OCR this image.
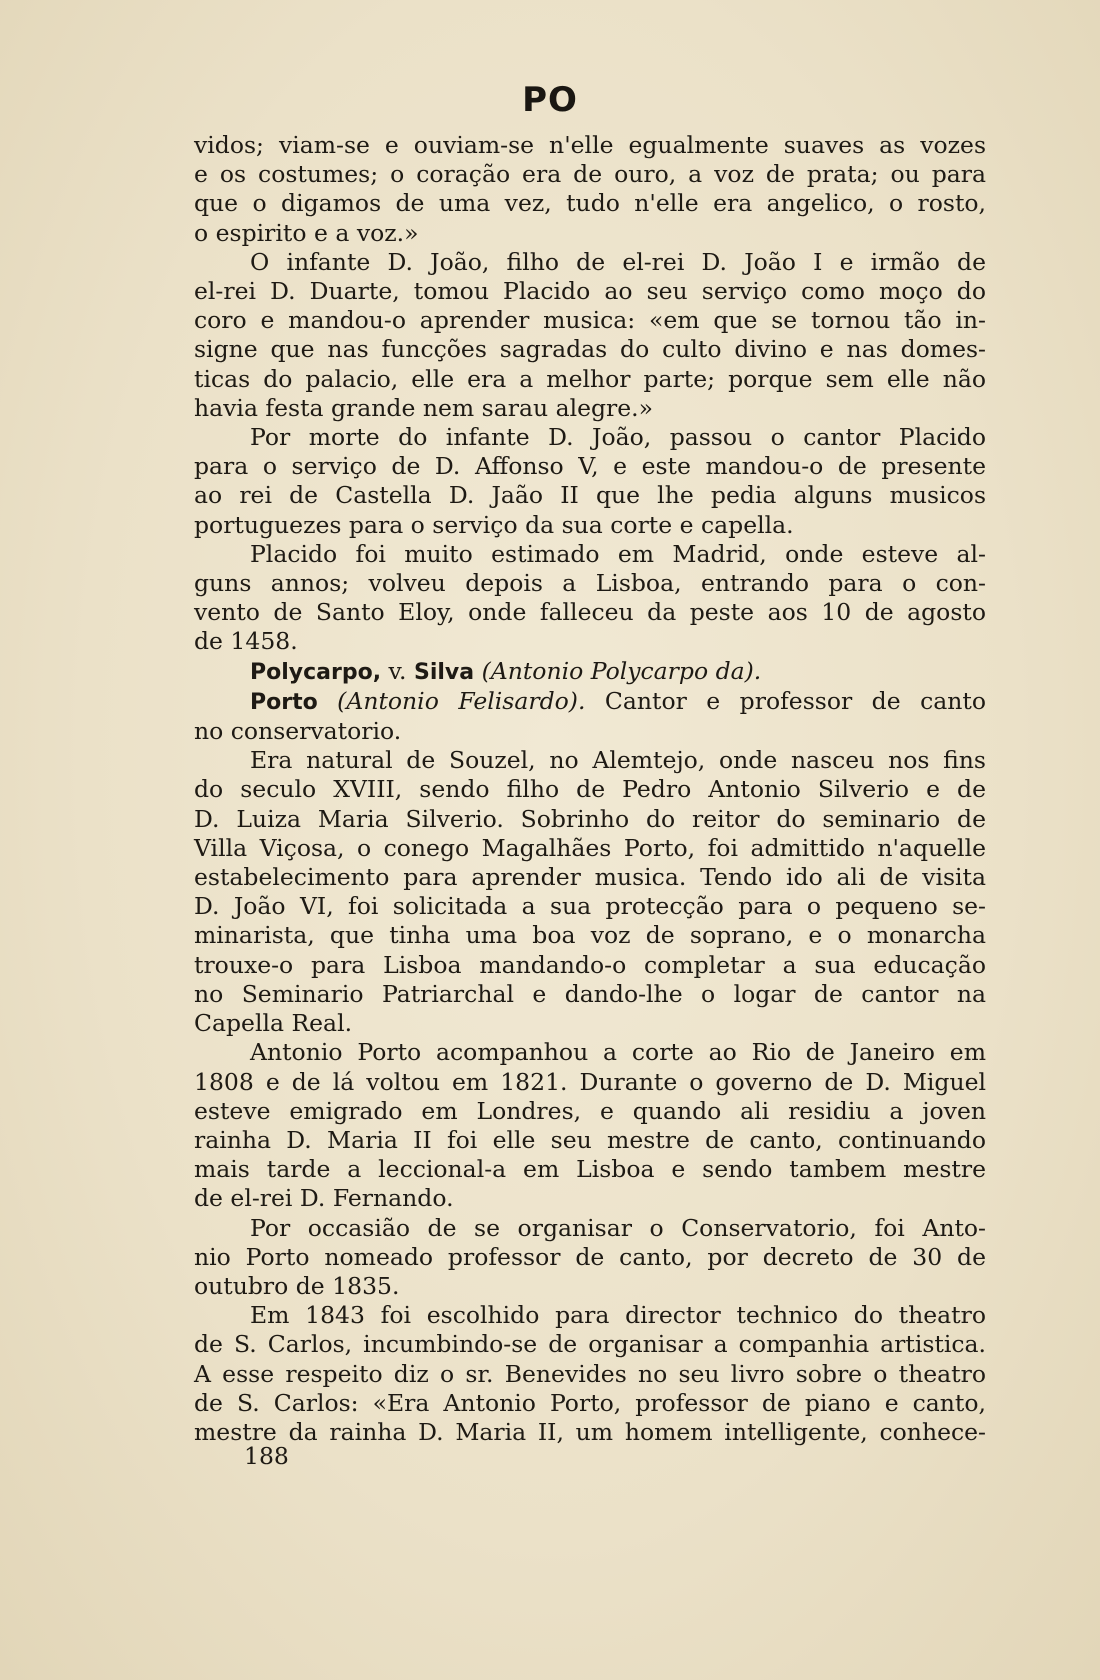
PO
vidos; viam-se e ouviam-se n'elle egualmente suaves as vozes
e os costumes; o coração era de ouro, a voz de prata; ou para
que o digamos de uma vez, tudo n'elle era angelico, o rosto,
o espirito e a voz.»
O infante D. João, filho de el-rei D. João I e irmão de
el-rei D. Duarte, tomou Placido ao seu serviço como moço do
coro e mandou-o aprender musica: «em que se tornou tão in-
signe que nas funcções sagradas do culto divino e nas domes-
ticas do palacio, elle era a melhor parte; porque sem elle não
havia festa grande nem sarau alegre.»
Por morte do infante D. João, passou o cantor Placido
para o serviço de D. Affonso V, e este mandou-o de presente
ao rei de Castella D. Jaão II que lhe pedia alguns musicos
portuguezes para o serviço da sua corte e capella.
Placido foi muito estimado em Madrid, onde esteve al-
guns annos; volveu depois a Lisboa, entrando para o con-
vento de Santo Eloy, onde falleceu da peste aos 10 de agosto
de 1458.
Polycarpo, v. Silva (Antonio Polycarpo da).
Porto (Antonio Felisardo). Cantor e professor de canto
no conservatorio.
Era natural de Souzel, no Alemtejo, onde nasceu nos fins
do seculo XVIII, sendo filho de Pedro Antonio Silverio e de
D. Luiza Maria Silverio. Sobrinho do reitor do seminario de
Villa Viçosa, o conego Magalhães Porto, foi admittido n'aquelle
estabelecimento para aprender musica. Tendo ido ali de visita
D. João VI, foi solicitada a sua protecção para o pequeno se-
minarista, que tinha uma boa voz de soprano, e o monarcha
trouxe-o para Lisboa mandando-o completar a sua educação
no Seminario Patriarchal e dando-lhe o logar de cantor na
Capella Real.
Antonio Porto acompanhou a corte ao Rio de Janeiro em
1808 e de lá voltou em 1821. Durante o governo de D. Miguel
esteve emigrado em Londres, e quando ali residiu a joven
rainha D. Maria II foi elle seu mestre de canto, continuando
mais tarde a leccional-a em Lisboa e sendo tambem mestre
de el-rei D. Fernando.
Por occasião de se organisar o Conservatorio, foi Anto-
nio Porto nomeado professor de canto, por decreto de 30 de
outubro de 1835.
Em 1843 foi escolhido para director technico do theatro
de S. Carlos, incumbindo-se de organisar a companhia artistica.
A esse respeito diz o sr. Benevides no seu livro sobre o theatro
de S. Carlos: «Era Antonio Porto, professor de piano e canto,
mestre da rainha D. Maria II, um homem intelligente, conhece-
188
